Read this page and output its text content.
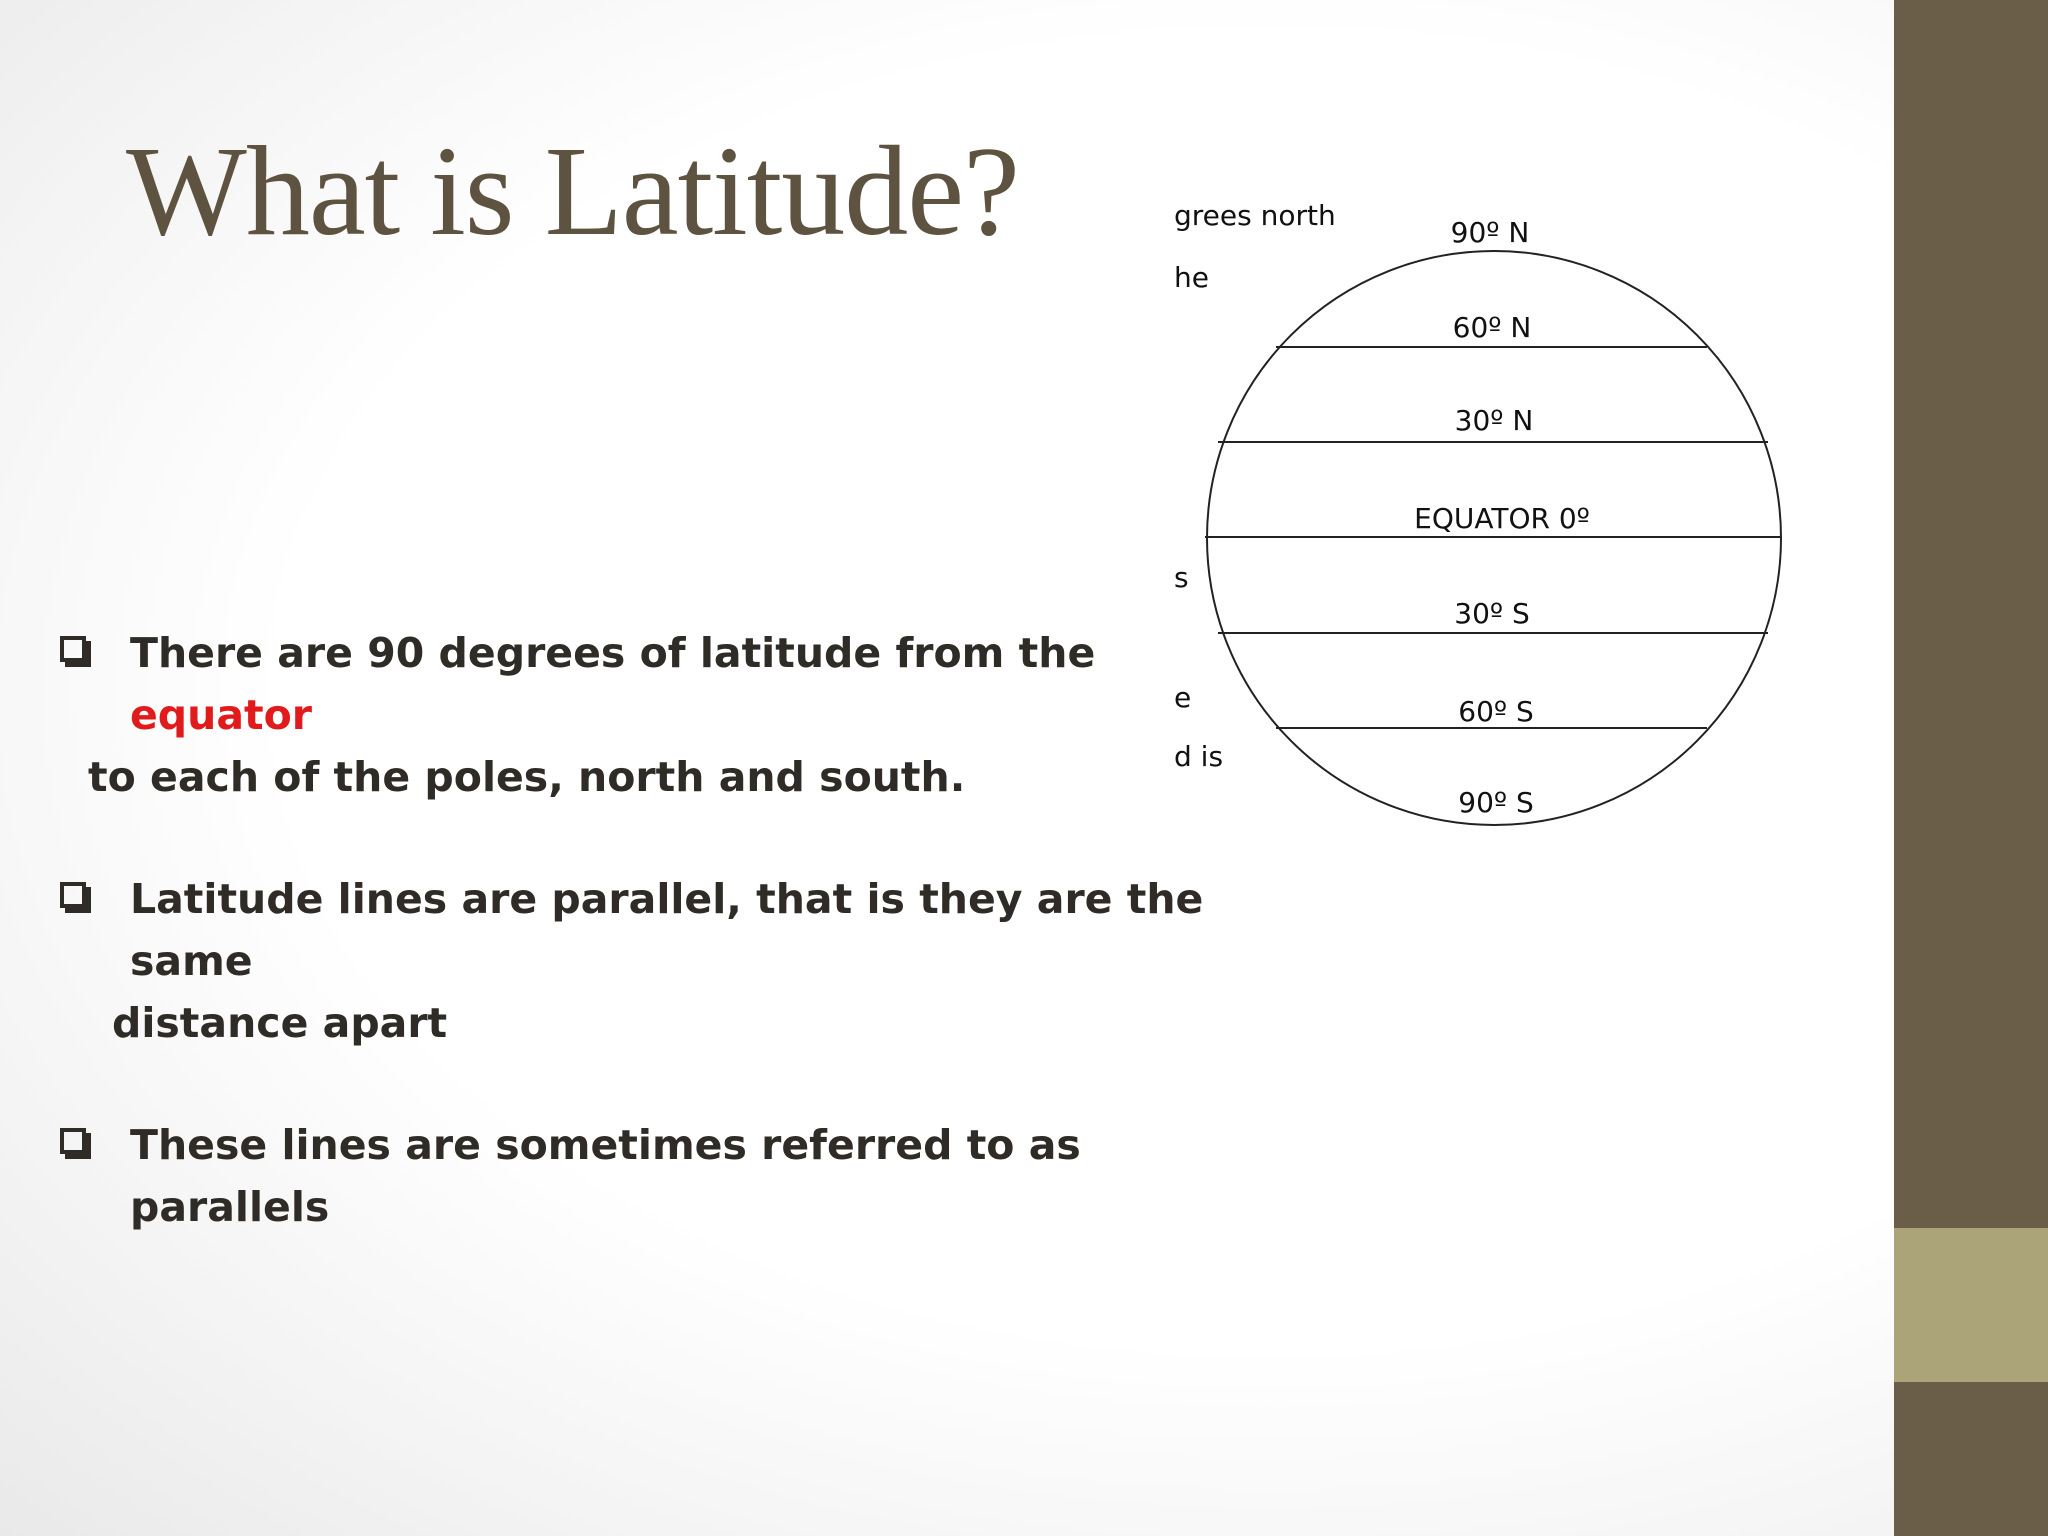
What is Latitude?	grees north
he
s
e
d is
90º N
60º N
30º N
EQUATOR 0º
30º S
60º S
90º S

There are 90 degrees of latitude from the equator
to each of the poles, north and south.

Latitude lines are parallel, that is they are the same
distance apart

These lines are sometimes referred to as parallels
